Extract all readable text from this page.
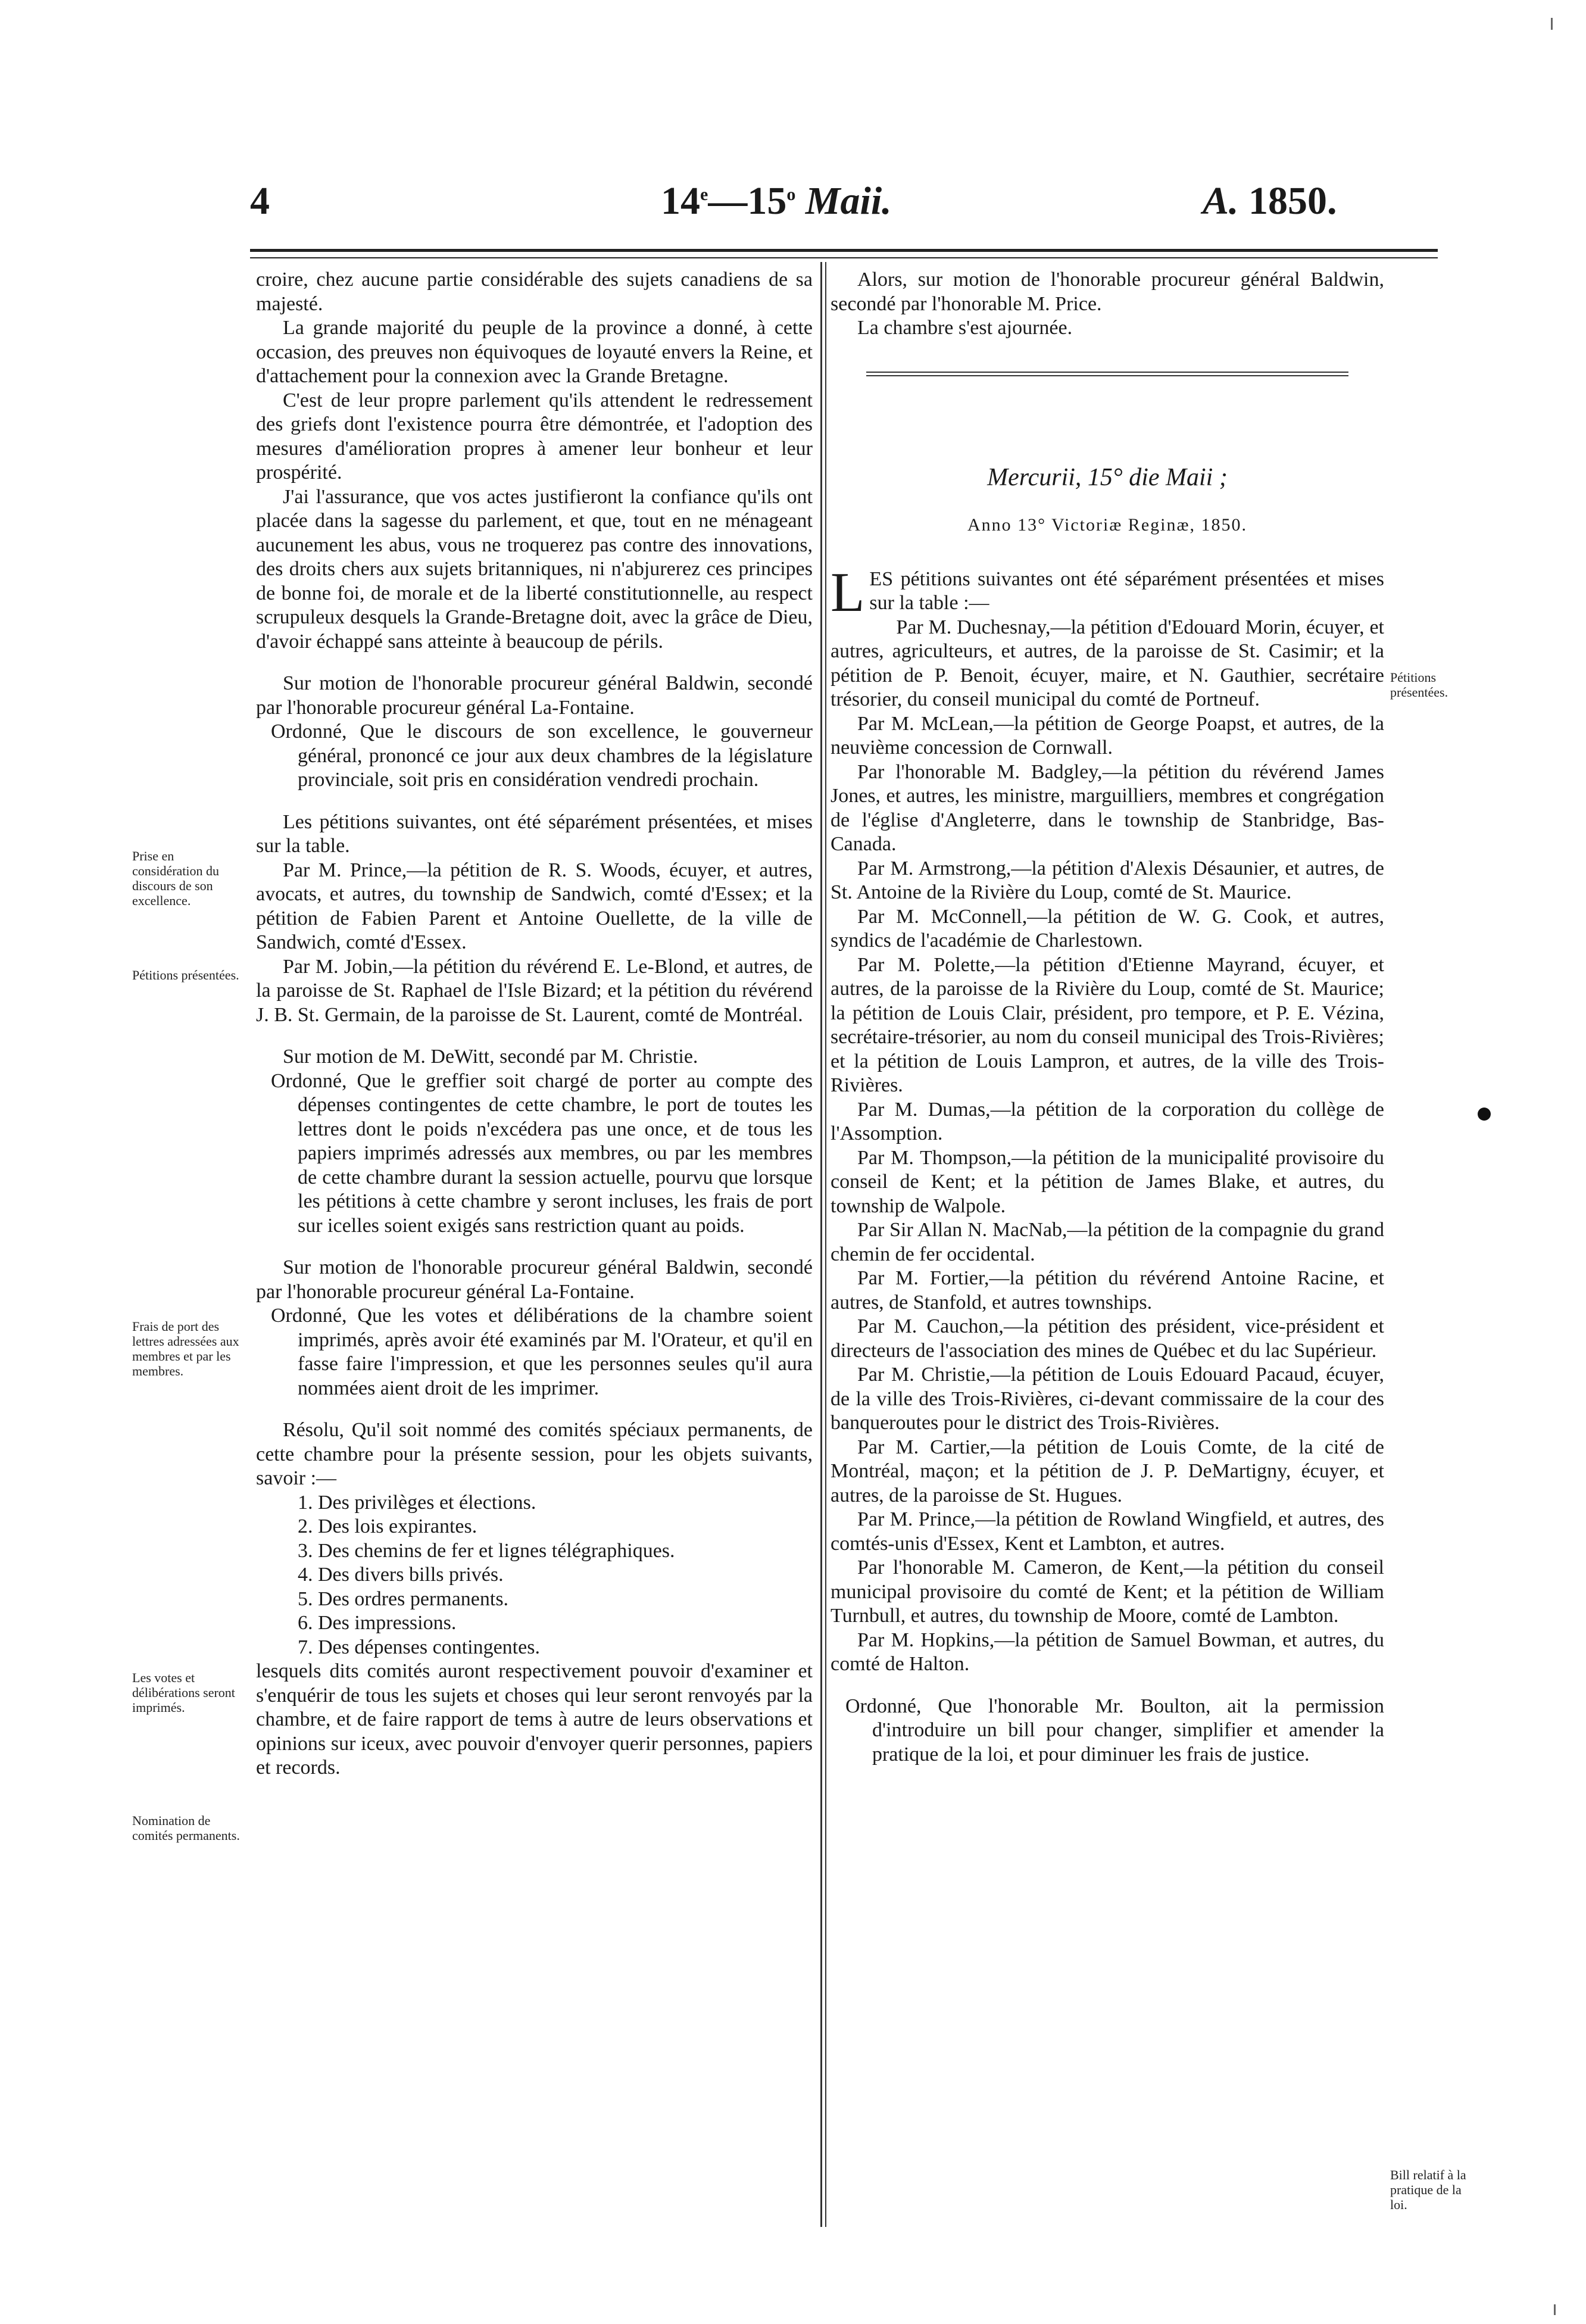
4	14e—15$^o$ Maii.	A. 1850.

croire, chez aucune partie considérable des sujets canadiens de sa majesté.

La grande majorité du peuple de la province a donné, à cette occasion, des preuves non équivoques de loyauté envers la Reine, et d'attachement pour la connexion avec la Grande Bretagne.

C'est de leur propre parlement qu'ils attendent le redressement des griefs dont l'existence pourra être démontrée, et l'adoption des mesures d'amélioration propres à amener leur bonheur et leur prospérité.

J'ai l'assurance, que vos actes justifieront la confiance qu'ils ont placée dans la sagesse du parlement, et que, tout en ne ménageant aucunement les abus, vous ne troquerez pas contre des innovations, des droits chers aux sujets britanniques, ni n'abjurerez ces principes de bonne foi, de morale et de la liberté constitutionnelle, au respect scrupuleux desquels la Grande-Bretagne doit, avec la grâce de Dieu, d'avoir échappé sans atteinte à beaucoup de périls.

Sur motion de l'honorable procureur général Baldwin, secondé par l'honorable procureur général La-Fontaine.

Ordonné, Que le discours de son excellence, le gouverneur général, prononcé ce jour aux deux chambres de la législature provinciale, soit pris en considération vendredi prochain.

Les pétitions suivantes, ont été séparément présentées, et mises sur la table.

Par M. Prince,—la pétition de R. S. Woods, écuyer, et autres, avocats, et autres, du township de Sandwich, comté d'Essex; et la pétition de Fabien Parent et Antoine Ouellette, de la ville de Sandwich, comté d'Essex.

Par M. Jobin,—la pétition du révérend E. Le-Blond, et autres, de la paroisse de St. Raphael de l'Isle Bizard; et la pétition du révérend J. B. St. Germain, de la paroisse de St. Laurent, comté de Montréal.

Sur motion de M. DeWitt, secondé par M. Christie.

Ordonné, Que le greffier soit chargé de porter au compte des dépenses contingentes de cette chambre, le port de toutes les lettres dont le poids n'excédera pas une once, et de tous les papiers imprimés adressés aux membres, ou par les membres de cette chambre durant la session actuelle, pourvu que lorsque les pétitions à cette chambre y seront incluses, les frais de port sur icelles soient exigés sans restriction quant au poids.

Sur motion de l'honorable procureur général Baldwin, secondé par l'honorable procureur général La-Fontaine.

Ordonné, Que les votes et délibérations de la chambre soient imprimés, après avoir été examinés par M. l'Orateur, et qu'il en fasse faire l'impression, et que les personnes seules qu'il aura nommées aient droit de les imprimer.

Résolu, Qu'il soit nommé des comités spéciaux permanents, de cette chambre pour la présente session, pour les objets suivants, savoir :—

1. Des privilèges et élections.

2. Des lois expirantes.

3. Des chemins de fer et lignes télégraphiques.

4. Des divers bills privés.

5. Des ordres permanents.

6. Des impressions.

7. Des dépenses contingentes.

lesquels dits comités auront respectivement pouvoir d'examiner et s'enquérir de tous les sujets et choses qui leur seront renvoyés par la chambre, et de faire rapport de tems à autre de leurs observations et opinions sur iceux, avec pouvoir d'envoyer querir personnes, papiers et records.

Alors, sur motion de l'honorable procureur général Baldwin, secondé par l'honorable M. Price.

La chambre s'est ajournée.

Mercurii, 15° die Maii ;

Anno 13° Victoriæ Reginæ, 1850.

LES pétitions suivantes ont été séparément présentées et mises sur la table :—

Par M. Duchesnay,—la pétition d'Edouard Morin, écuyer, et autres, agriculteurs, et autres, de la paroisse de St. Casimir; et la pétition de P. Benoit, écuyer, maire, et N. Gauthier, secrétaire trésorier, du conseil municipal du comté de Portneuf.

Par M. McLean,—la pétition de George Poapst, et autres, de la neuvième concession de Cornwall.

Par l'honorable M. Badgley,—la pétition du révérend James Jones, et autres, les ministre, marguilliers, membres et congrégation de l'église d'Angleterre, dans le township de Stanbridge, Bas-Canada.

Par M. Armstrong,—la pétition d'Alexis Désaunier, et autres, de St. Antoine de la Rivière du Loup, comté de St. Maurice.

Par M. McConnell,—la pétition de W. G. Cook, et autres, syndics de l'académie de Charlestown.

Par M. Polette,—la pétition d'Etienne Mayrand, écuyer, et autres, de la paroisse de la Rivière du Loup, comté de St. Maurice; la pétition de Louis Clair, président, pro tempore, et P. E. Vézina, secrétaire-trésorier, au nom du conseil municipal des Trois-Rivières; et la pétition de Louis Lampron, et autres, de la ville des Trois-Rivières.

Par M. Dumas,—la pétition de la corporation du collège de l'Assomption.

Par M. Thompson,—la pétition de la municipalité provisoire du conseil de Kent; et la pétition de James Blake, et autres, du township de Walpole.

Par Sir Allan N. MacNab,—la pétition de la compagnie du grand chemin de fer occidental.

Par M. Fortier,—la pétition du révérend Antoine Racine, et autres, de Stanfold, et autres townships.

Par M. Cauchon,—la pétition des président, vice-président et directeurs de l'association des mines de Québec et du lac Supérieur.

Par M. Christie,—la pétition de Louis Edouard Pacaud, écuyer, de la ville des Trois-Rivières, ci-devant commissaire de la cour des banqueroutes pour le district des Trois-Rivières.

Par M. Cartier,—la pétition de Louis Comte, de la cité de Montréal, maçon; et la pétition de J. P. DeMartigny, écuyer, et autres, de la paroisse de St. Hugues.

Par M. Prince,—la pétition de Rowland Wingfield, et autres, des comtés-unis d'Essex, Kent et Lambton, et autres.

Par l'honorable M. Cameron, de Kent,—la pétition du conseil municipal provisoire du comté de Kent; et la pétition de William Turnbull, et autres, du township de Moore, comté de Lambton.

Par M. Hopkins,—la pétition de Samuel Bowman, et autres, du comté de Halton.

Ordonné, Que l'honorable Mr. Boulton, ait la permission d'introduire un bill pour changer, simplifier et amender la pratique de la loi, et pour diminuer les frais de justice.

Prise en considération du discours de son excellence.
Pétitions présentées.
Frais de port des lettres adressées aux membres et par les membres.
Les votes et délibérations seront imprimés.
Nomination de comités permanents.
Pétitions présentées.
Bill relatif à la pratique de la loi.
